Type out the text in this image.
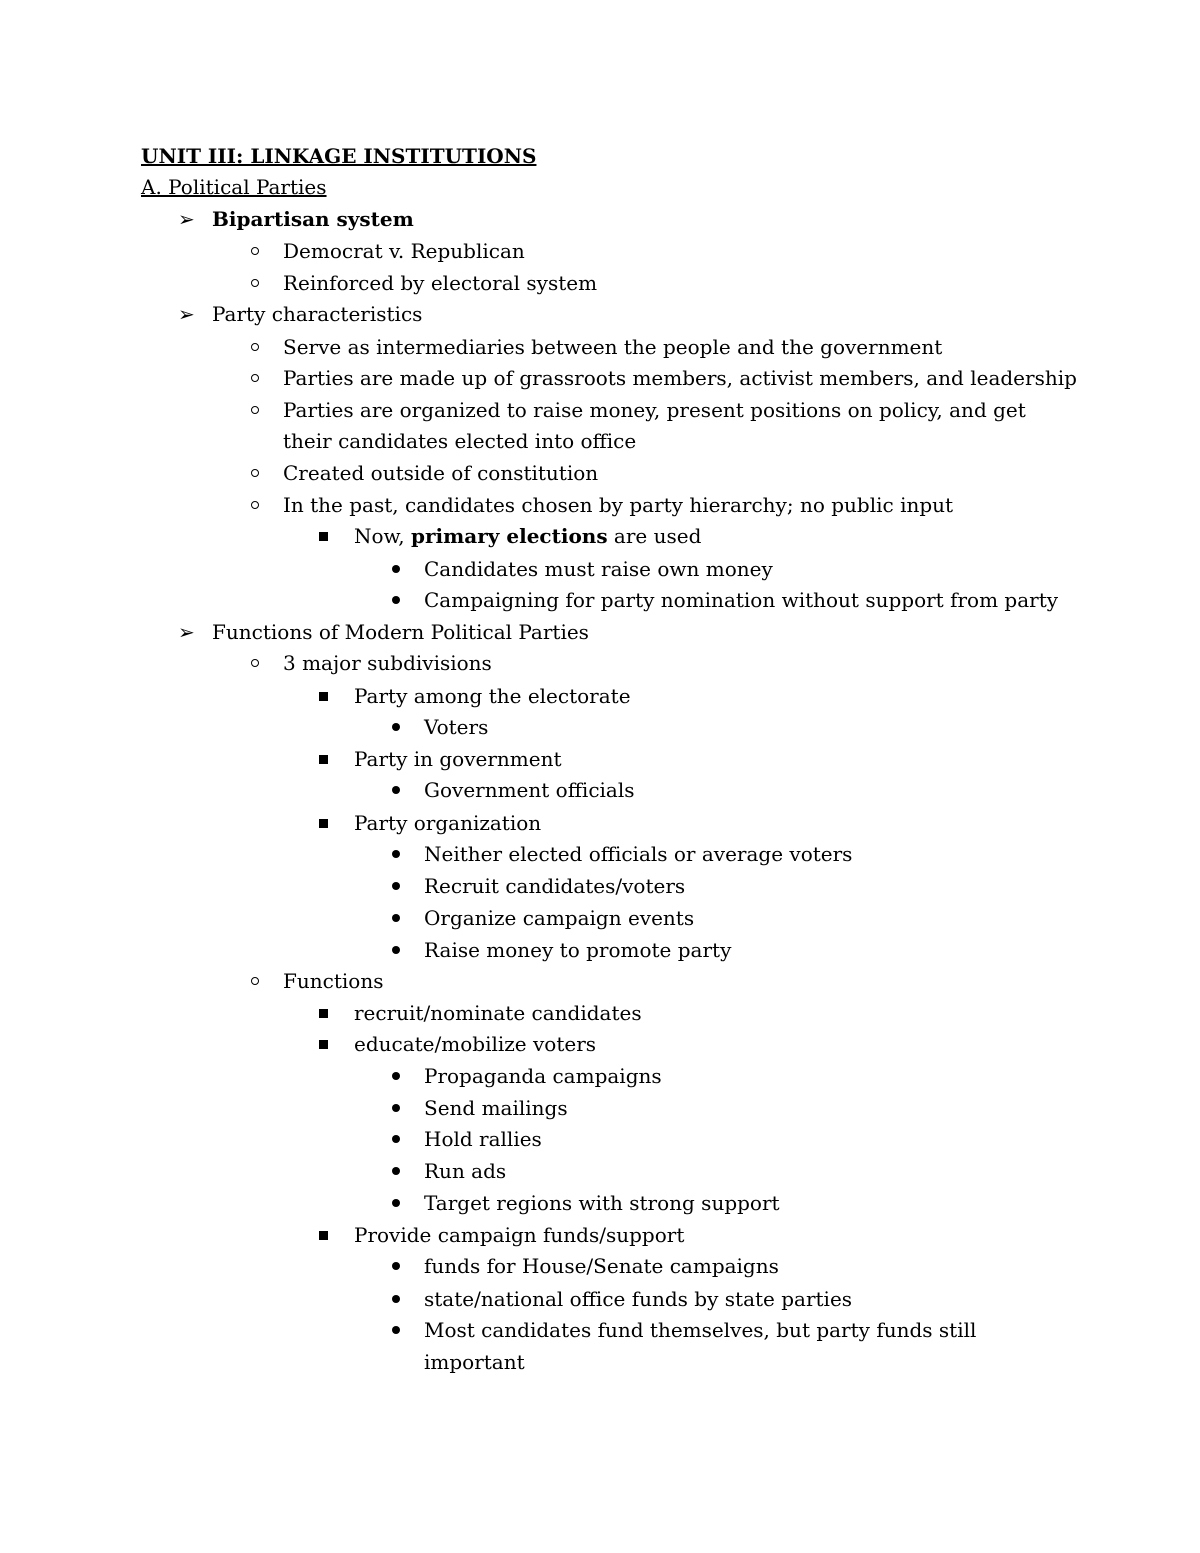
UNIT III: LINKAGE INSTITUTIONS
A. Political Parties
➢ Bipartisan system
Democrat v. Republican
Reinforced by electoral system
➢ Party characteristics
Serve as intermediaries between the people and the government
Parties are made up of grassroots members, activist members, and leadership
Parties are organized to raise money, present positions on policy, and get
their candidates elected into office
Created outside of constitution
In the past, candidates chosen by party hierarchy; no public input
Now, primary elections are used
Candidates must raise own money
Campaigning for party nomination without support from party
➢ Functions of Modern Political Parties
3 major subdivisions
Party among the electorate
Voters
Party in government
Government officials
Party organization
Neither elected officials or average voters
Recruit candidates/voters
Organize campaign events
Raise money to promote party
Functions
recruit/nominate candidates
educate/mobilize voters
Propaganda campaigns
Send mailings
Hold rallies
Run ads
Target regions with strong support
Provide campaign funds/support
funds for House/Senate campaigns
state/national office funds by state parties
Most candidates fund themselves, but party funds still
important
